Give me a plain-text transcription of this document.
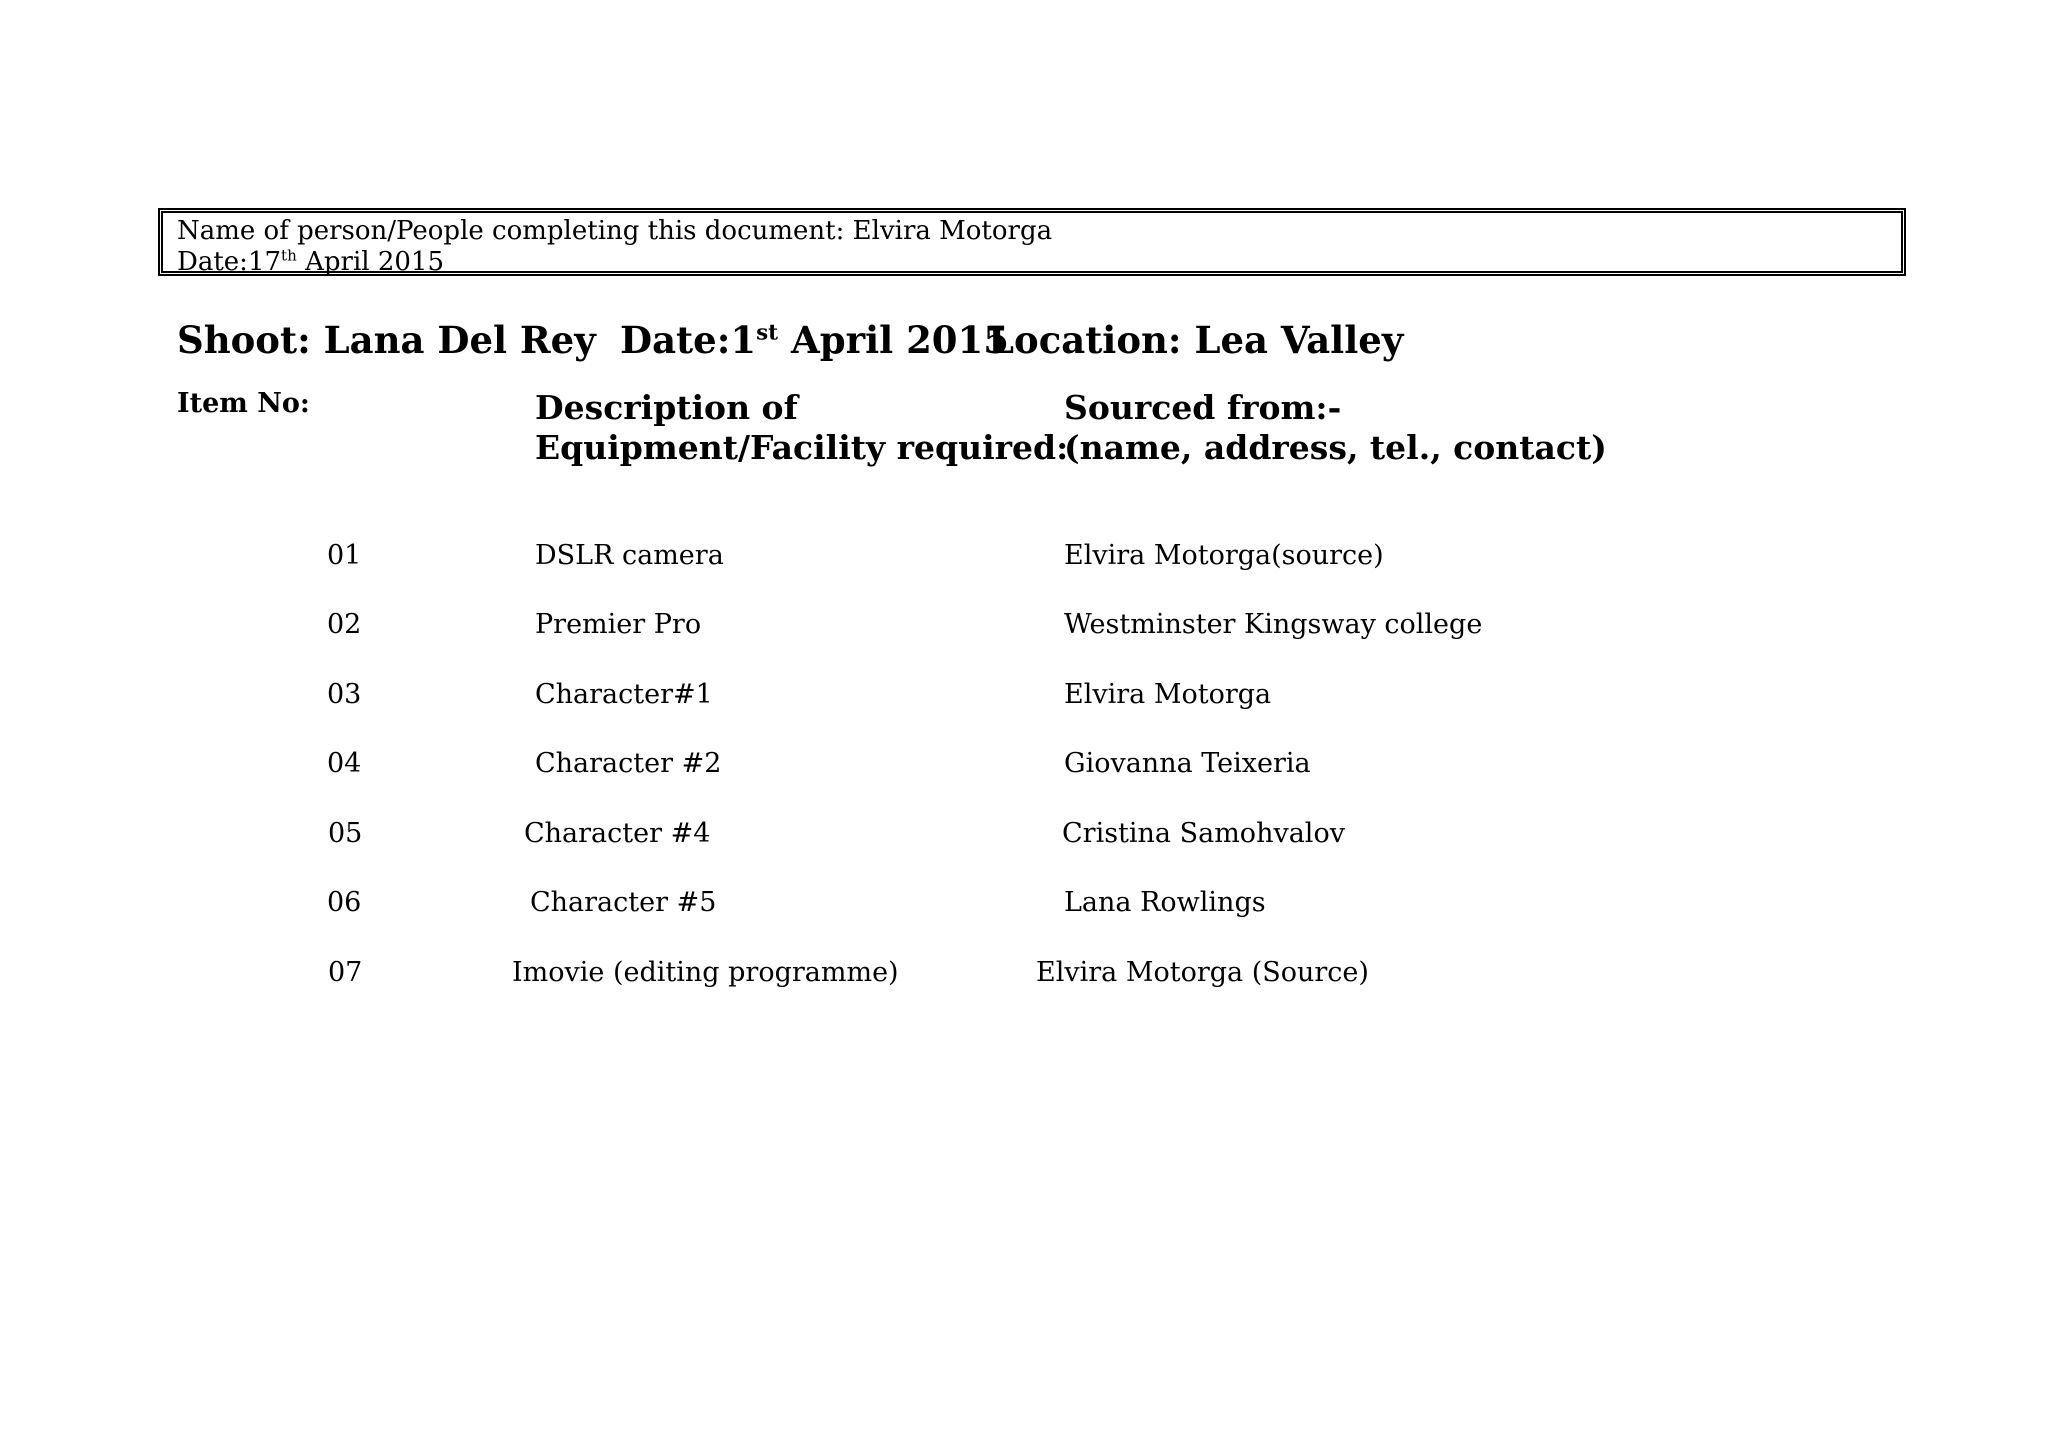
Name of person/People completing this document: Elvira Motorga
Date:17th April 2015
Shoot: Lana Del Rey Date:1st April 2015
Location: Lea Valley
Item No:	Description of
Equipment/Facility required:
Sourced from:-
(name, address, tel., contact)
01	DSLR camera	Elvira Motorga(source)
02	Premier Pro	Westminster Kingsway college
03	Character#1	Elvira Motorga
04	Character #2	Giovanna Teixeria
05	Character #4	Cristina Samohvalov
06	Character #5	Lana Rowlings
07	Imovie (editing programme)	Elvira Motorga (Source)
